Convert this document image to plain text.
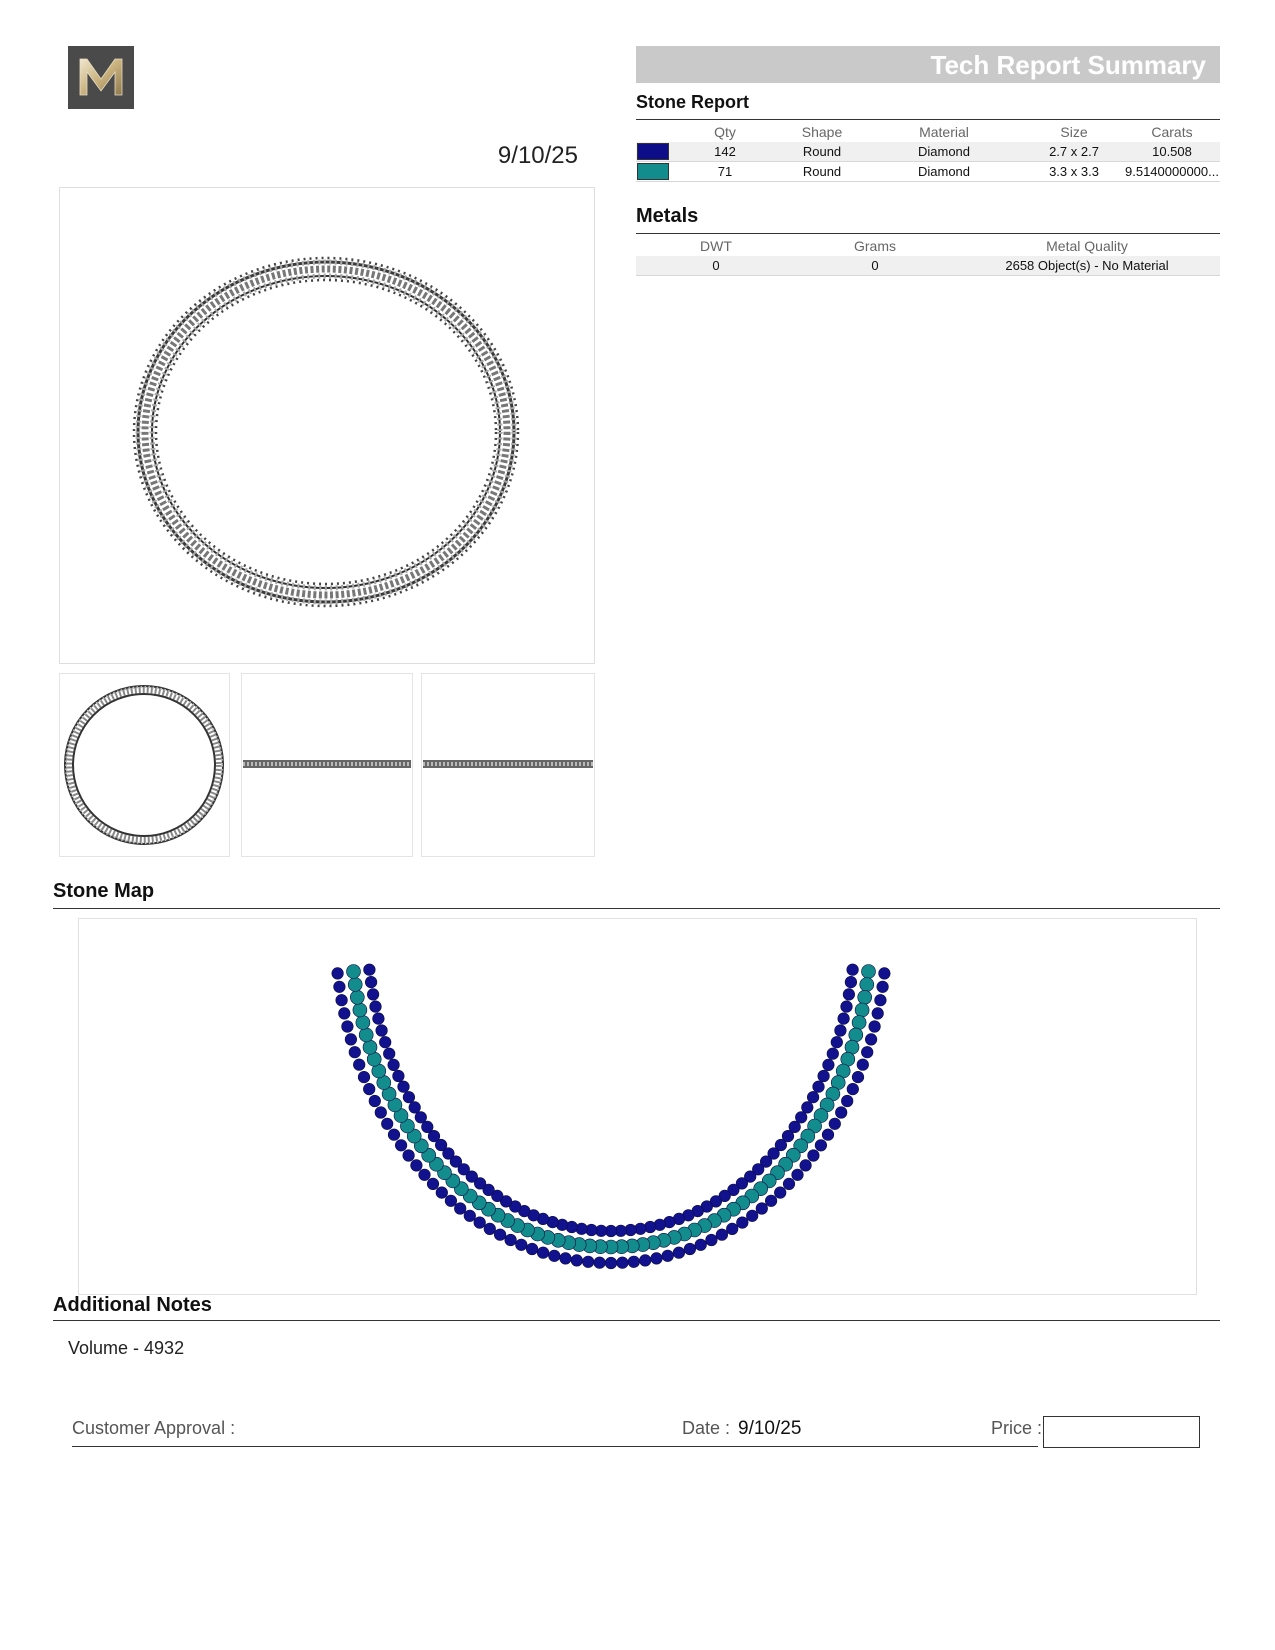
9/10/25
Tech Report Summary
Stone Report
	Qty	Shape	Material	Size	Carats
	142	Round	Diamond	2.7 x 2.7	10.508
	71	Round	Diamond	3.3 x 3.3	9.5140000000...
Metals
DWT	Grams	Metal Quality
0	0	2658 Object(s) - No Material
Stone Map
Additional Notes
Volume - 4932
Customer Approval :	Date : 9/10/25	Price :
